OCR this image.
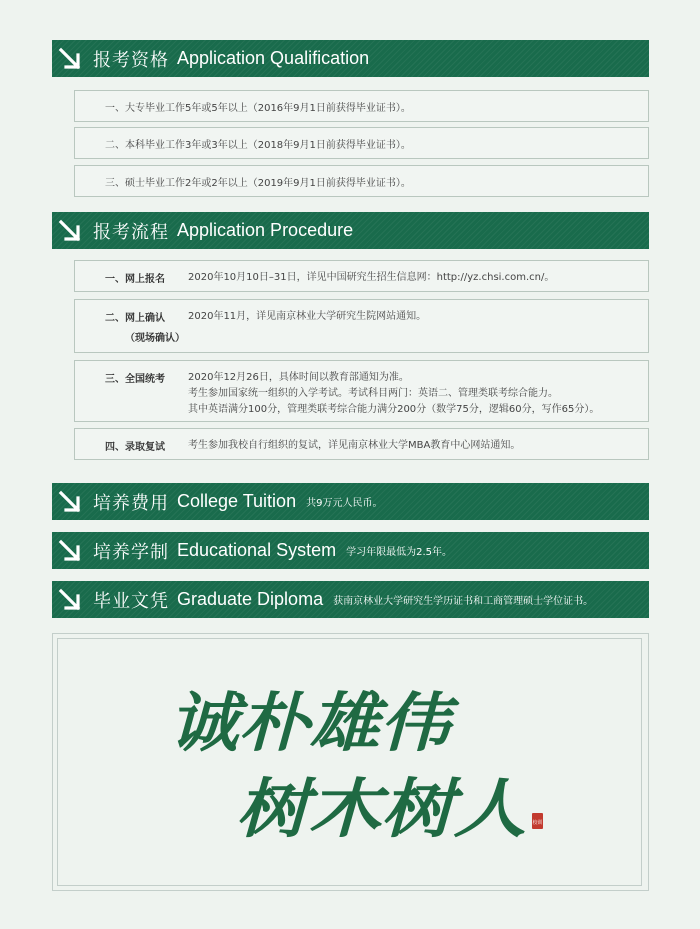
报考资格 Application Qualification
一、大专毕业工作5年或5年以上（2016年9月1日前获得毕业证书）。
二、本科毕业工作3年或3年以上（2018年9月1日前获得毕业证书）。
三、硕士毕业工作2年或2年以上（2019年9月1日前获得毕业证书）。
报考流程 Application Procedure
一、网上报名 2020年10月10日–31日，详见中国研究生招生信息网：http://yz.chsi.com.cn/。
二、网上确认
（现场确认）
2020年11月，详见南京林业大学研究生院网站通知。
三、全国统考 2020年12月26日，具体时间以教育部通知为准。
考生参加国家统一组织的入学考试。考试科目两门：英语二、管理类联考综合能力。
其中英语满分100分，管理类联考综合能力满分200分（数学75分，逻辑60分，写作65分）。
四、录取复试 考生参加我校自行组织的复试，详见南京林业大学MBA教育中心网站通知。
培养费用 College Tuition 共9万元人民币。
培养学制 Educational System 学习年限最低为2.5年。
毕业文凭 Graduate Diploma 获南京林业大学研究生学历证书和工商管理硕士学位证书。
诚朴雄伟
树木树人 校训
